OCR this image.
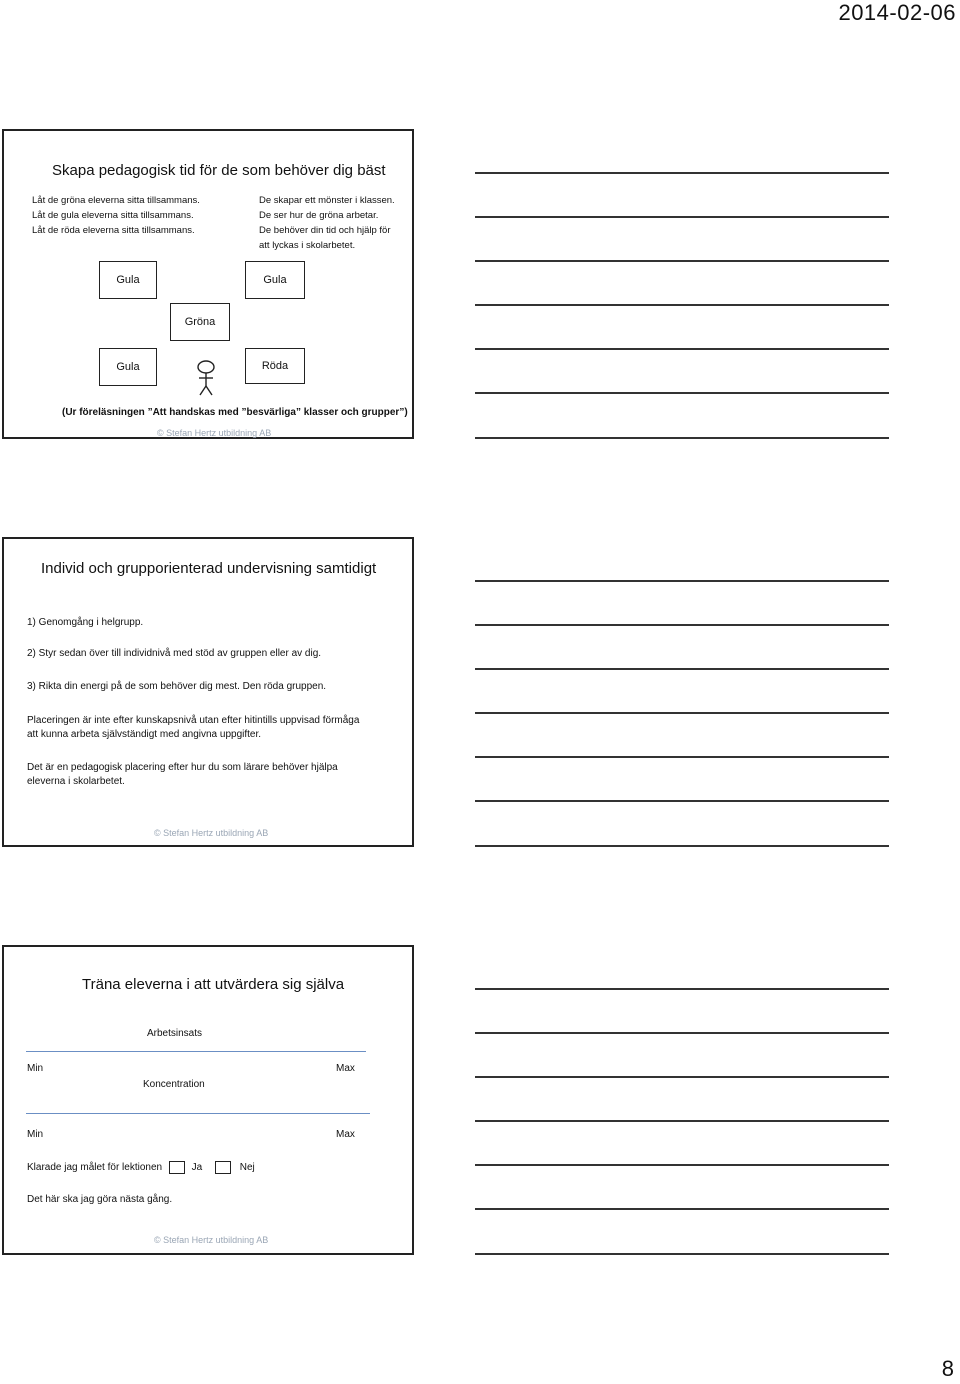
2014-02-06
Skapa pedagogisk tid för de som behöver dig bäst
Låt de gröna eleverna sitta tillsammans.
Låt de gula eleverna sitta tillsammans.
Låt de röda eleverna sitta tillsammans.
De skapar ett mönster i klassen.
De ser hur de gröna arbetar.
De behöver din tid och hjälp för
att lyckas i skolarbetet.
Gula	Gula
Gröna
Gula	Röda
(Ur föreläsningen ”Att handskas med ”besvärliga” klasser och grupper”)
© Stefan Hertz utbildning AB
Individ och grupporienterad undervisning samtidigt
1) Genomgång i helgrupp.
2) Styr sedan över till individnivå med stöd av gruppen eller av dig.
3) Rikta din energi på de som behöver dig mest. Den röda gruppen.
Placeringen är inte efter kunskapsnivå utan efter hitintills uppvisad förmåga
att kunna arbeta självständigt med angivna uppgifter.
Det är en pedagogisk placering efter hur du som lärare behöver hjälpa
eleverna i skolarbetet.
© Stefan Hertz utbildning AB
Träna eleverna i att utvärdera sig själva
Arbetsinsats
Min	Max
Koncentration
Min	Max
Klarade jag målet för lektionen	Ja	Nej
Det här ska jag göra nästa gång.
© Stefan Hertz utbildning AB
8
